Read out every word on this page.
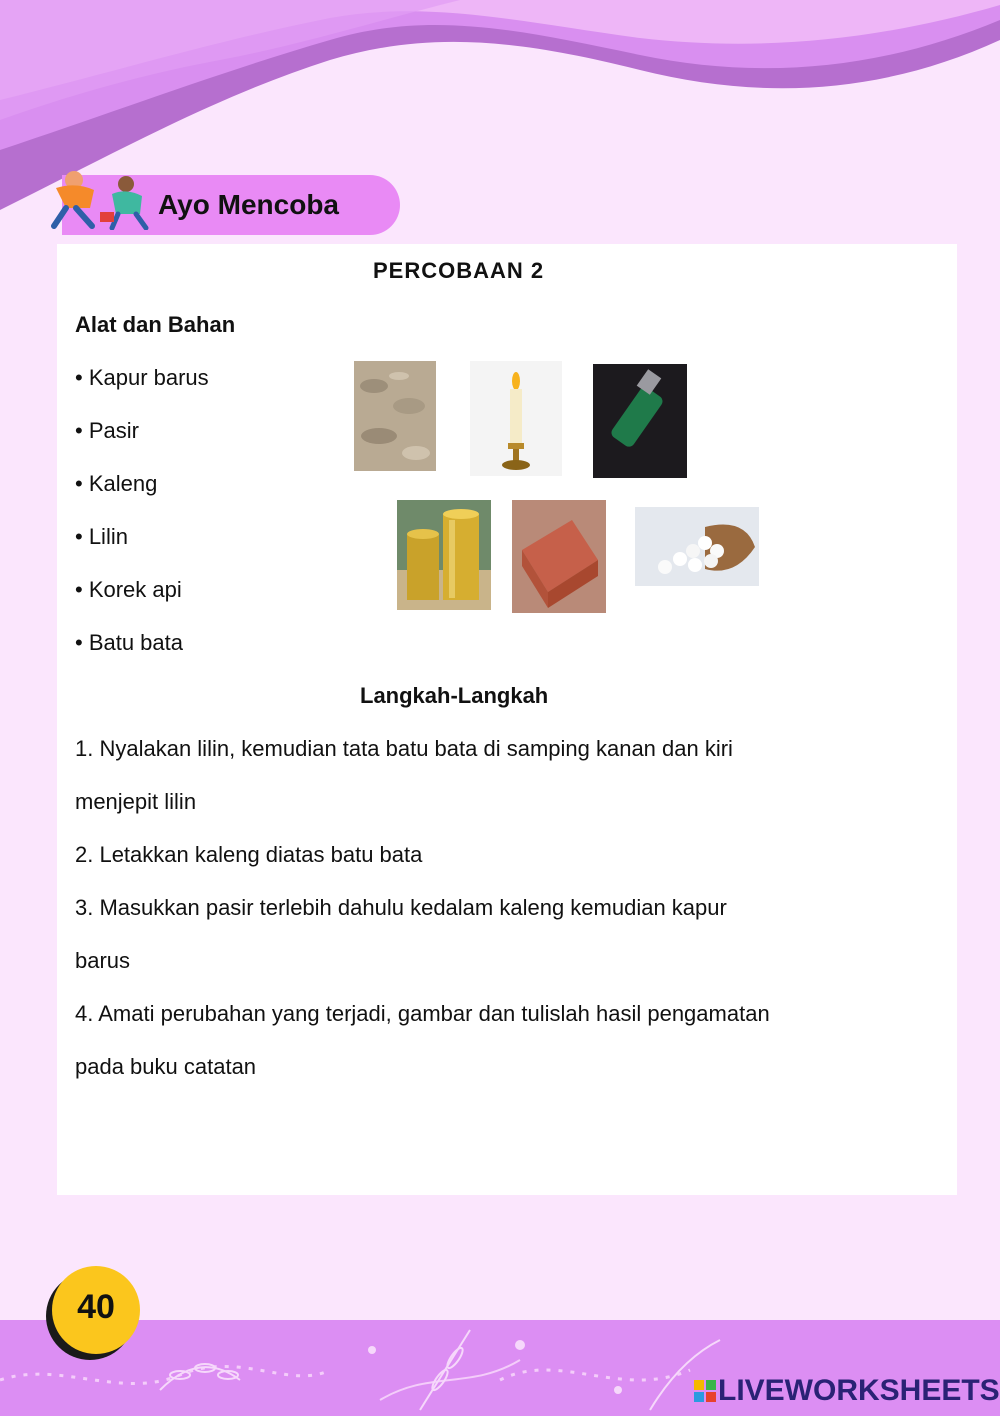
Ayo Mencoba
PERCOBAAN 2
Alat dan Bahan
• Kapur barus
• Pasir
• Kaleng
• Lilin
• Korek api
• Batu bata
Langkah-Langkah
1. Nyalakan lilin, kemudian tata batu bata di samping kanan dan kiri
menjepit lilin
2. Letakkan kaleng diatas batu bata
3. Masukkan pasir terlebih dahulu kedalam kaleng kemudian kapur
barus
4. Amati perubahan yang terjadi, gambar dan tulislah hasil pengamatan
pada buku catatan
40
LIVEWORKSHEETS
